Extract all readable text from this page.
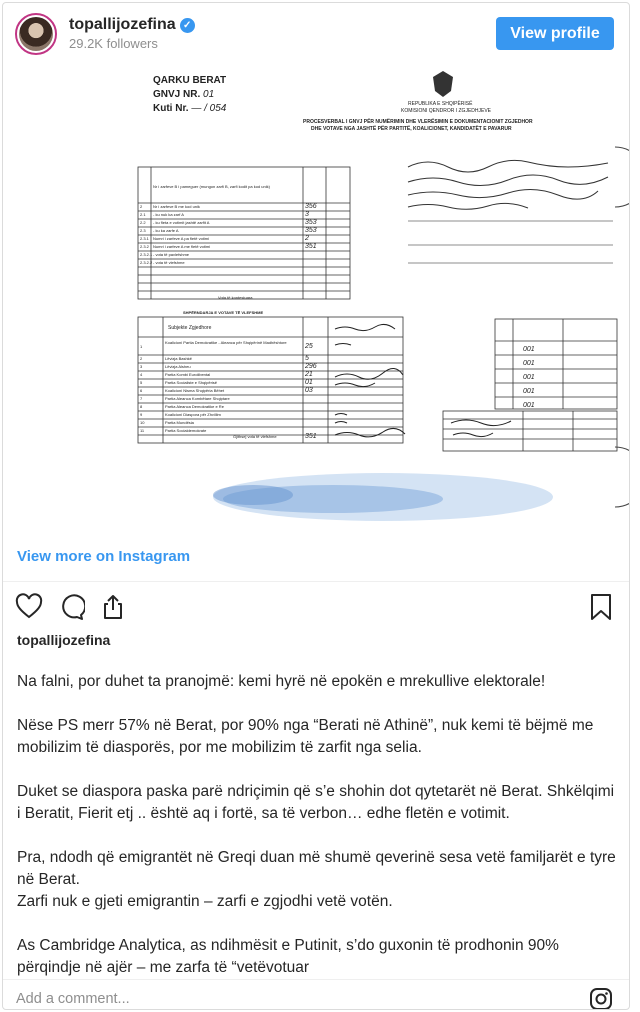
topallijozefina ✓
29.2K followers
View profile
QARKU BERAT
GNVJ NR. 01
Kuti Nr. — / 054	REPUBLIKA E SHQIPËRISË
KOMISIONI QENDROR I ZGJEDHJEVE
PROCESVERBAL I GNVJ PËR NUMËRIMIN DHE VLERËSIMIN E DOKUMENTACIONIT ZGJEDHOR
DHE VOTAVE NGA JASHTË PËR PARTITË, KOALICIONET, KANDIDATËT E PAVARUR
Nr i zarfeve B i pameguer (mungon zarfi B, zarfi kodit pa kod unik)
2
2.1
2.2
2.3
2.3.1
2.3.2
2.3.2.1
2.3.2.2
Nr i zarfeve B me kod unik
- ku nuk ka zarf A
- ku fleta e votimit jashtë zarfit A
- ku ka zarfe A
Numri i zarfeve A pa fletë votimi
Numri i zarfeve A me fletë votimi
- vota të pavlefshme
- vota të vlefshme
356
3
353
353
2
351
Vota të kontestuara
SHPËRNDARJA E VOTAVE TË VLEFSHME
Subjekte Zgjedhore
1
2
3
4
5
6
7
8
9
10
11
Koalicioni Partia Demokratike - Aleanca për Shqipërinë Madhështore
Lëvizja Bashkë
Lëvizja Alsheu
Partia Kombi Eurolibental
Partia Socialiste e Shqipërisë
Koalicioni Nisma Shqipëria Bëhet
Partia Aleanca Kombëtare Shqiptare
Partia Aleanca Demokratike e Re
Koalicioni Diaspora për Zhvillim
Partia Mundësia
Partia Socialdemokrate
25
5
296
21
01
03
Gjithsej vota të vlefshme	351
001
001
001
001
001
View more on Instagram
topallijozefina

Na falni, por duhet ta pranojmë: kemi hyrë në epokën e mrekullive elektorale!

Nëse PS merr 57% në Berat, por 90% nga “Berati në Athinë”, nuk kemi të bëjmë me mobilizim të diasporës, por me mobilizim të zarfit nga selia.

Duket se diaspora paska parë ndriçimin që s’e shohin dot qytetarët në Berat. Shkëlqimi i Beratit, Fierit etj .. është aq i fortë, sa të verbon… edhe fletën e votimit.

Pra, ndodh që emigrantët në Greqi duan më shumë qeverinë sesa vetë familjarët e tyre në Berat.
Zarfi nuk e gjeti emigrantin – zarfi e zgjodhi vetë votën.

As Cambridge Analytica, as ndihmësit e Putinit, s’do guxonin të prodhonin 90% përqindje në ajër – me zarfa të “vetëvotuar

Add a comment...
